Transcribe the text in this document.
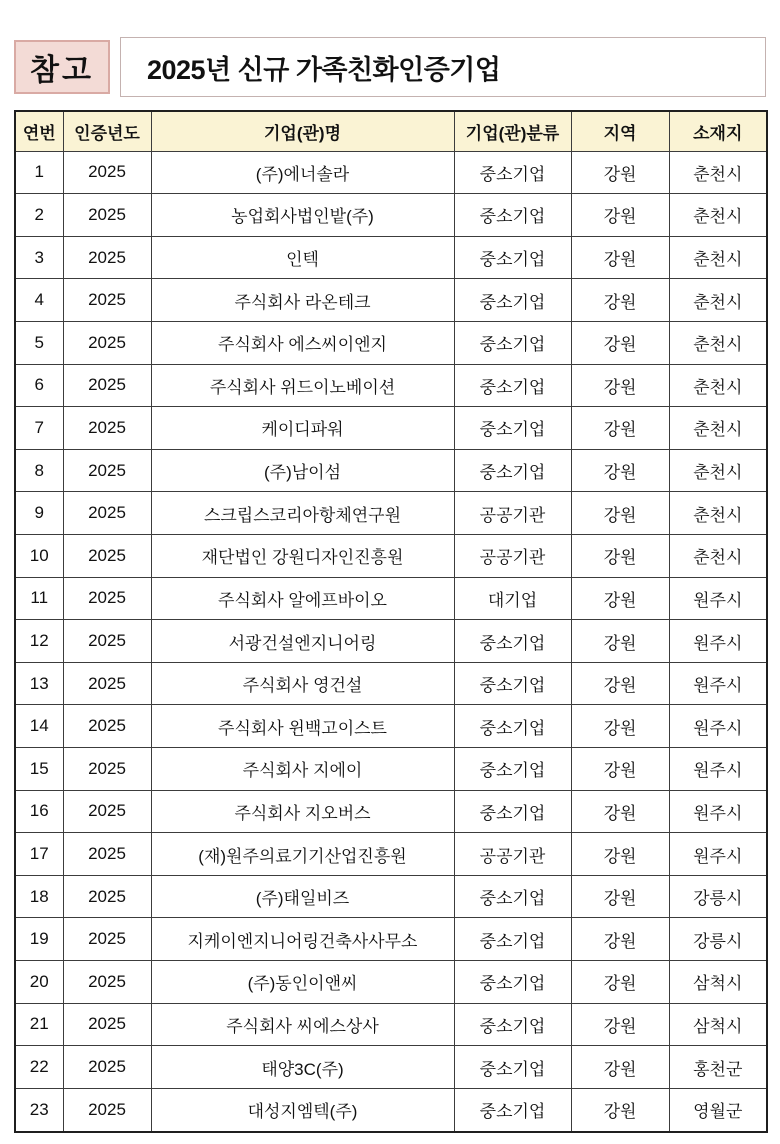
참고	2025년 신규 가족친화인증기업
연번	인증년도	기업(관)명	기업(관)분류	지역	소재지
1	2025	(주)에너솔라	중소기업	강원	춘천시
2	2025	농업회사법인밭(주)	중소기업	강원	춘천시
3	2025	인텍	중소기업	강원	춘천시
4	2025	주식회사 라온테크	중소기업	강원	춘천시
5	2025	주식회사 에스씨이엔지	중소기업	강원	춘천시
6	2025	주식회사 위드이노베이션	중소기업	강원	춘천시
7	2025	케이디파워	중소기업	강원	춘천시
8	2025	(주)남이섬	중소기업	강원	춘천시
9	2025	스크립스코리아항체연구원	공공기관	강원	춘천시
10	2025	재단법인 강원디자인진흥원	공공기관	강원	춘천시
11	2025	주식회사 알에프바이오	대기업	강원	원주시
12	2025	서광건설엔지니어링	중소기업	강원	원주시
13	2025	주식회사 영건설	중소기업	강원	원주시
14	2025	주식회사 윈백고이스트	중소기업	강원	원주시
15	2025	주식회사 지에이	중소기업	강원	원주시
16	2025	주식회사 지오버스	중소기업	강원	원주시
17	2025	(재)원주의료기기산업진흥원	공공기관	강원	원주시
18	2025	(주)태일비즈	중소기업	강원	강릉시
19	2025	지케이엔지니어링건축사사무소	중소기업	강원	강릉시
20	2025	(주)동인이앤씨	중소기업	강원	삼척시
21	2025	주식회사 씨에스상사	중소기업	강원	삼척시
22	2025	태양3C(주)	중소기업	강원	홍천군
23	2025	대성지엠텍(주)	중소기업	강원	영월군
